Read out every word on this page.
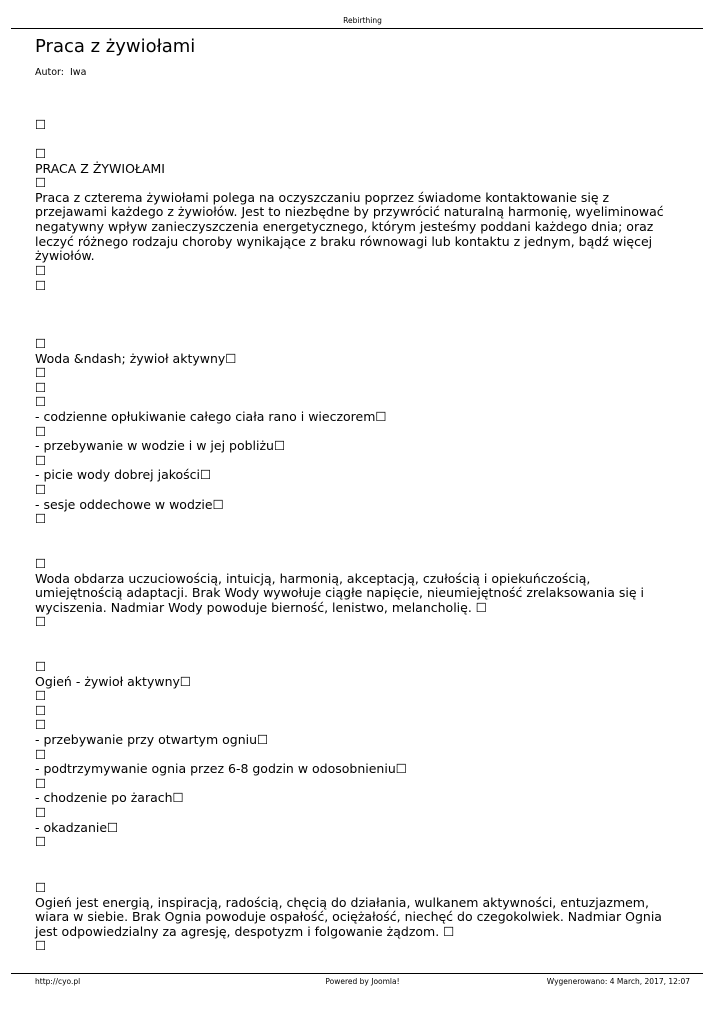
Rebirthing
Praca z żywiołami
Autor: Iwa
☐
☐
PRACA Z ŻYWIOŁAMI
☐
Praca z czterema żywiołami polega na oczyszczaniu poprzez świadome kontaktowanie się z przejawami każdego z żywiołów. Jest to niezbędne by przywrócić naturalną harmonię, wyeliminować negatywny wpływ zanieczyszczenia energetycznego, którym jesteśmy poddani każdego dnia; oraz leczyć różnego rodzaju choroby wynikające z braku równowagi lub kontaktu z jednym, bądź więcej żywiołów.
☐
☐
☐
Woda &ndash; żywioł aktywny☐
☐
☐
☐
- codzienne opłukiwanie całego ciała rano i wieczorem☐
☐
- przebywanie w wodzie i w jej pobliżu☐
☐
- picie wody dobrej jakości☐
☐
- sesje oddechowe w wodzie☐
☐
☐
Woda obdarza uczuciowością, intuicją, harmonią, akceptacją, czułością i opiekuńczością, umiejętnością adaptacji. Brak Wody wywołuje ciągłe napięcie, nieumiejętność zrelaksowania się i wyciszenia. Nadmiar Wody powoduje bierność, lenistwo, melancholię. ☐
☐
☐
Ogień - żywioł aktywny☐
☐
☐
☐
- przebywanie przy otwartym ogniu☐
☐
- podtrzymywanie ognia przez 6-8 godzin w odosobnieniu☐
☐
- chodzenie po żarach☐
☐
- okadzanie☐
☐
☐
Ogień jest energią, inspiracją, radością, chęcią do działania, wulkanem aktywności, entuzjazmem, wiara w siebie. Brak Ognia powoduje ospałość, ociężałość, niechęć do czegokolwiek. Nadmiar Ognia jest odpowiedzialny za agresję, despotyzm i folgowanie żądzom. ☐
☐
http://cyo.pl	Powered by Joomla!	Wygenerowano: 4 March, 2017, 12:07
